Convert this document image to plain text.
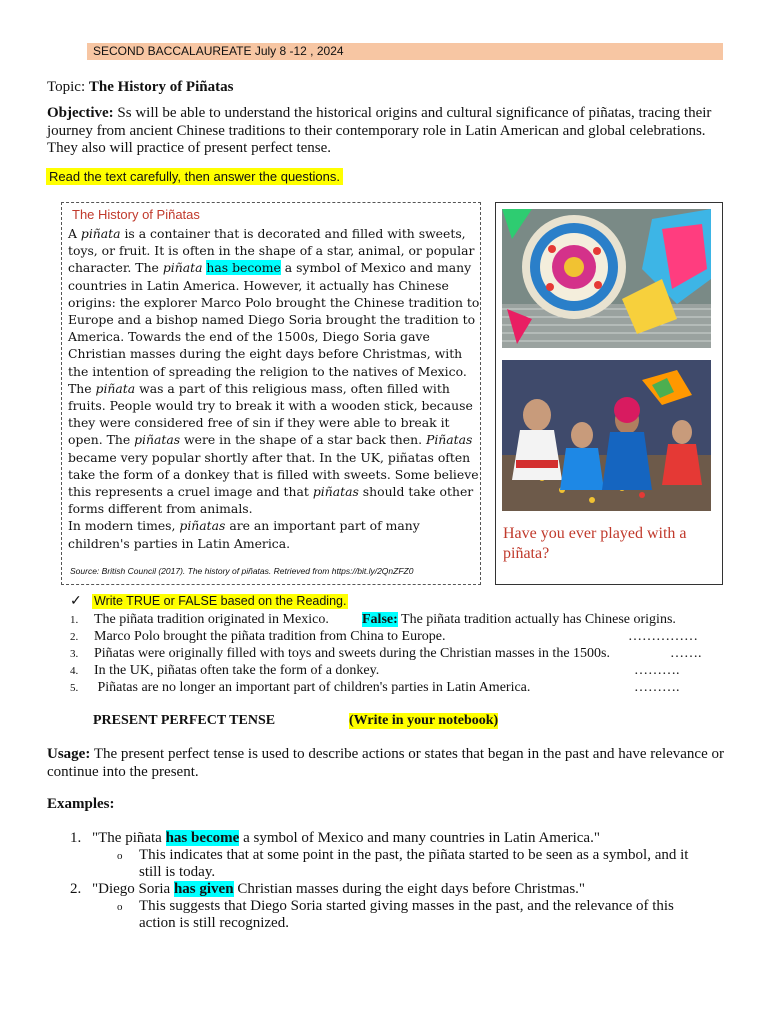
SECOND BACCALAUREATE July 8 -12 , 2024
Topic: The History of Piñatas
Objective: Ss will be able to understand the historical origins and cultural significance of piñatas, tracing their journey from ancient Chinese traditions to their contemporary role in Latin American and global celebrations. They also will practice of present perfect tense.
Read the text carefully, then answer the questions.
The History of Piñatas
A piñata is a container that is decorated and filled with sweets, toys, or fruit. It is often in the shape of a star, animal, or popular character. The piñata has become a symbol of Mexico and many countries in Latin America. However, it actually has Chinese origins: the explorer Marco Polo brought the Chinese tradition to Europe and a bishop named Diego Soria brought the tradition to America. Towards the end of the 1500s, Diego Soria gave Christian masses during the eight days before Christmas, with the intention of spreading the religion to the natives of Mexico. The piñata was a part of this religious mass, often filled with fruits. People would try to break it with a wooden stick, because they were considered free of sin if they were able to break it open. The piñatas were in the shape of a star back then. Piñatas became very popular shortly after that. In the UK, piñatas often take the form of a donkey that is filled with sweets. Some believe this represents a cruel image and that piñatas should take other forms different from animals.
In modern times, piñatas are an important part of many children's parties in Latin America.
Source: British Council (2017). The history of piñatas. Retrieved from https://bit.ly/2QnZFZ0
Have you ever played with a piñata?
✓ Write TRUE or FALSE based on the Reading.
1. The piñata tradition originated in Mexico. False: The piñata tradition actually has Chinese origins.
2. Marco Polo brought the piñata tradition from China to Europe.	……………
3. Piñatas were originally filled with toys and sweets during the Christian masses in the 1500s.	…….
4. In the UK, piñatas often take the form of a donkey.	……….
5. Piñatas are no longer an important part of children's parties in Latin America.	……….
PRESENT PERFECT TENSE	(Write in your notebook)
Usage: The present perfect tense is used to describe actions or states that began in the past and have relevance or continue into the present.
Examples:
1. "The piñata has become a symbol of Mexico and many countries in Latin America."
o This indicates that at some point in the past, the piñata started to be seen as a symbol, and it
still is today.
2. "Diego Soria has given Christian masses during the eight days before Christmas."
o This suggests that Diego Soria started giving masses in the past, and the relevance of this
action is still recognized.
